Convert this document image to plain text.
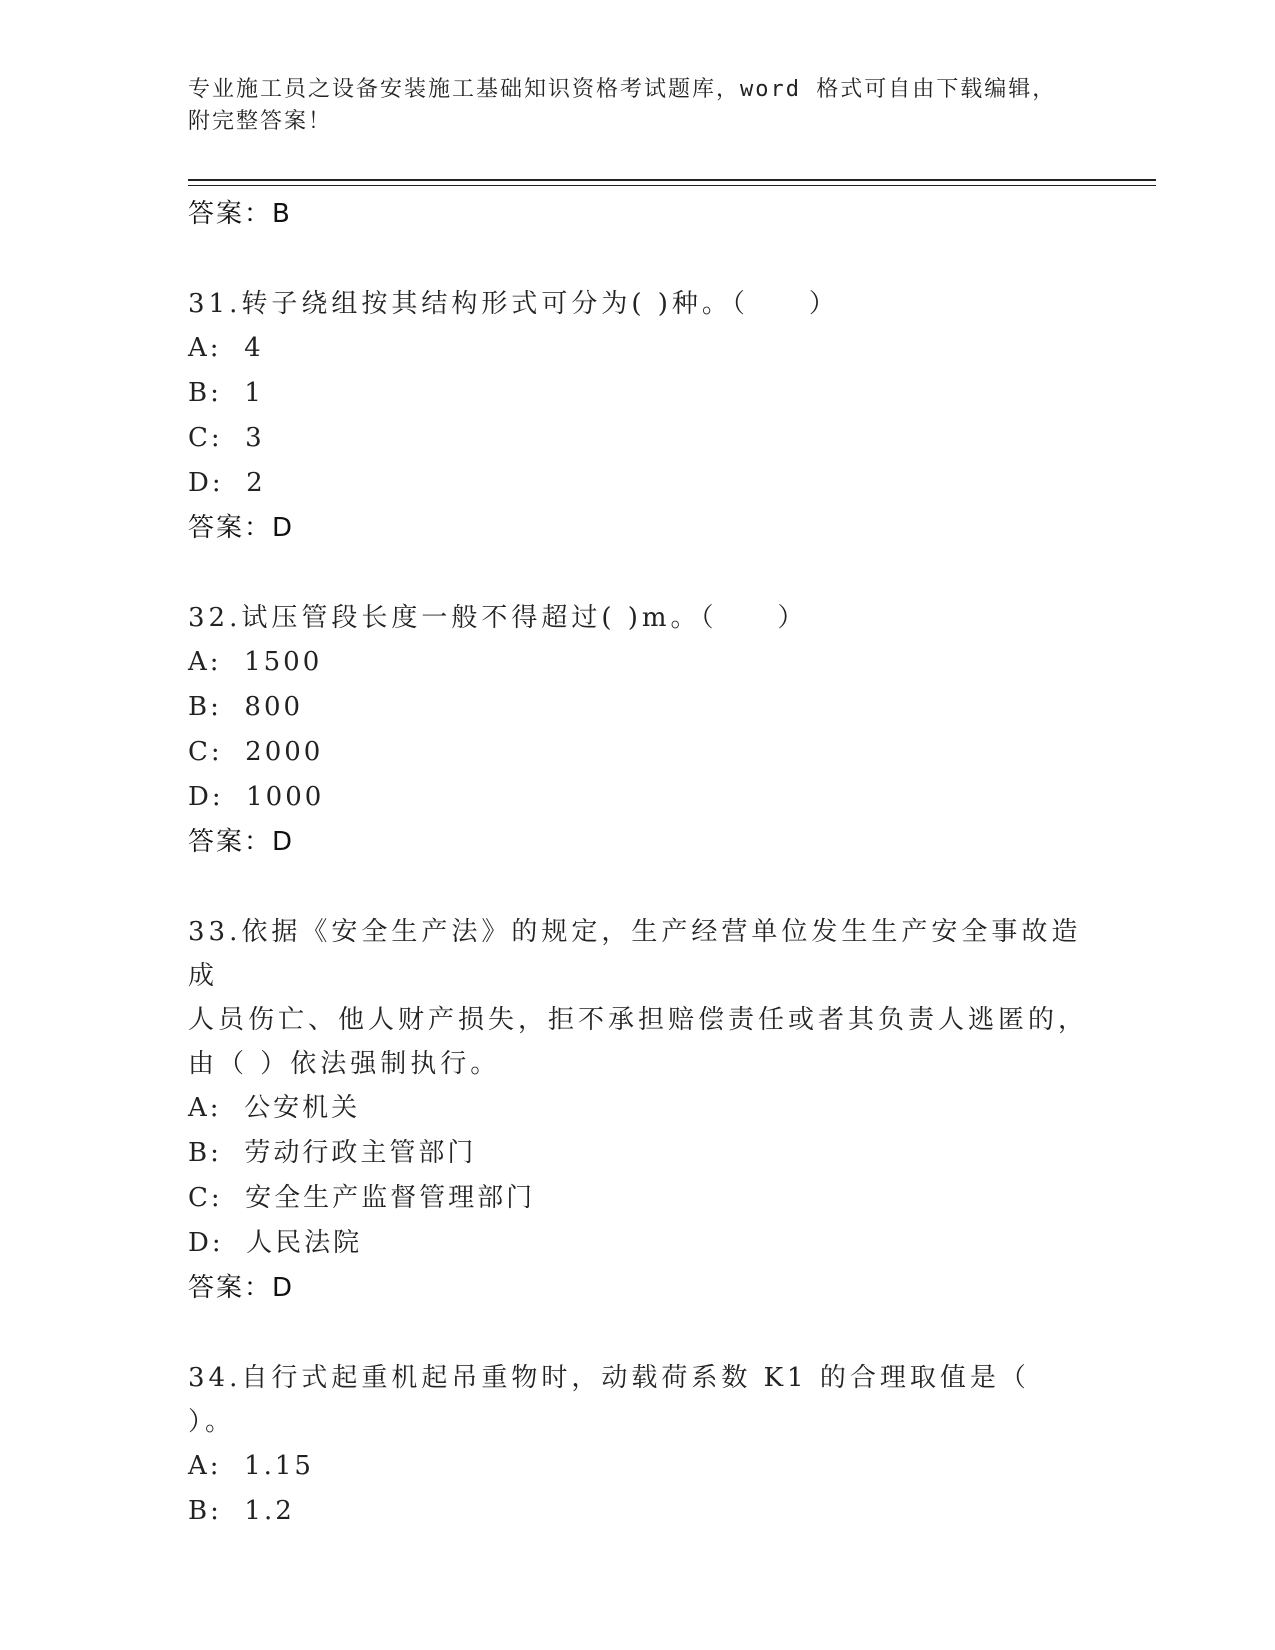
专业施工员之设备安装施工基础知识资格考试题库，word 格式可自由下载编辑，
附完整答案！
答案：B
31.转子绕组按其结构形式可分为( )种。（　　）
A:  4
B:  1
C:  3
D:  2
答案：D
32.试压管段长度一般不得超过( )m。（　　）
A:  1500
B:  800
C:  2000
D:  1000
答案：D
33.依据《安全生产法》的规定，生产经营单位发生生产安全事故造成
人员伤亡、他人财产损失，拒不承担赔偿责任或者其负责人逃匿的，
由（ ）依法强制执行。
A:  公安机关
B:  劳动行政主管部门
C:  安全生产监督管理部门
D:  人民法院
答案：D
34.自行式起重机起吊重物时，动载荷系数 K1 的合理取值是（ ）。
A:  1.15
B:  1.2
